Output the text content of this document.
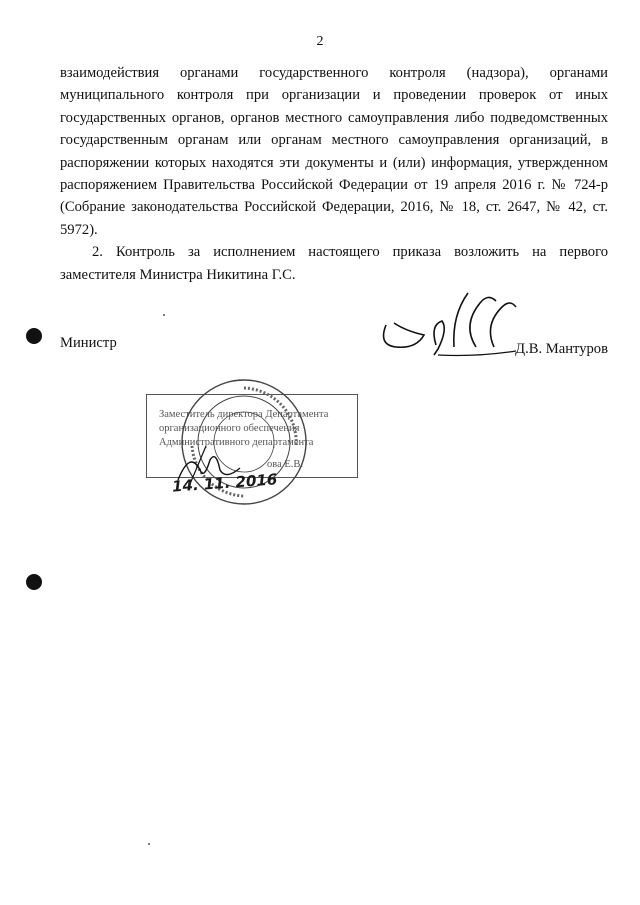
2

взаимодействия органами государственного контроля (надзора), органами муниципального контроля при организации и проведении проверок от иных государственных органов, органов местного самоуправления либо подведомственных государственным органам или органам местного самоуправления организаций, в распоряжении которых находятся эти документы и (или) информация, утвержденном распоряжением Правительства Российской Федерации от 19 апреля 2016 г. № 724-р (Собрание законодательства Российской Федерации, 2016, № 18, ст. 2647, № 42, ст. 5972).

2. Контроль за исполнением настоящего приказа возложить на первого заместителя Министра Никитина Г.С.

Министр	Д.В. Мантуров
Заместитель директора Департамента
организационного обеспечения
Административного департамента
ова Е.В.
14. 11. 2016
